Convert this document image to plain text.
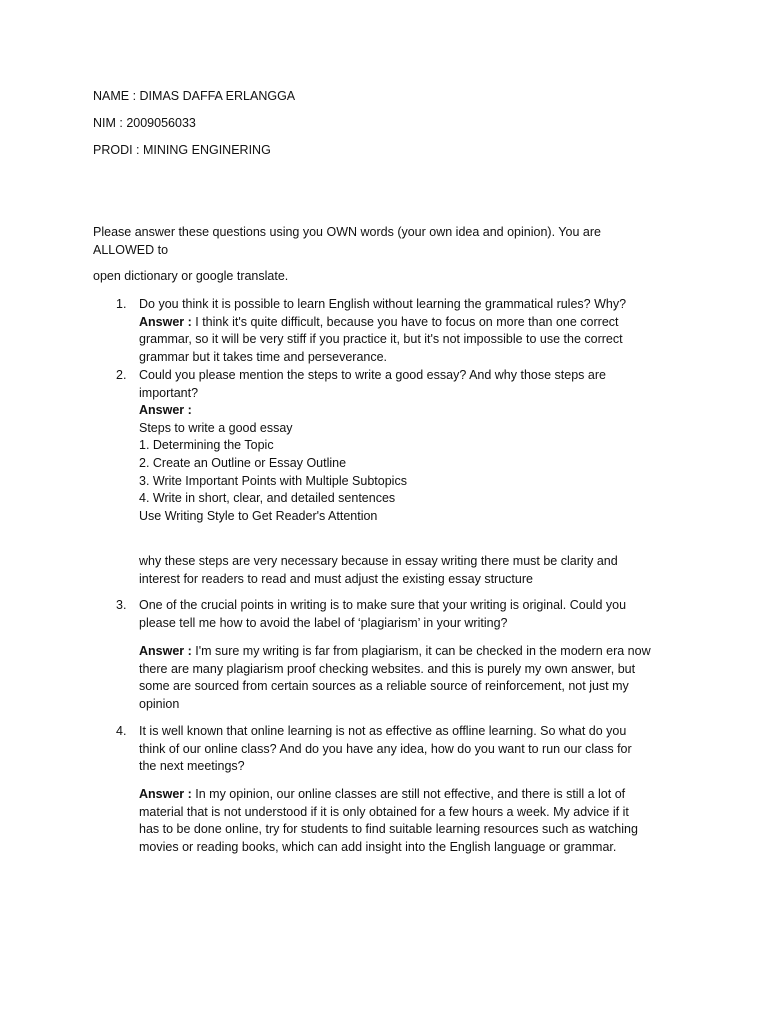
NAME : DIMAS DAFFA ERLANGGA
NIM : 2009056033
PRODI : MINING ENGINERING
Please answer these questions using you OWN words (your own idea and opinion). You are
ALLOWED to
open dictionary or google translate.
1.	Do you think it is possible to learn English without learning the grammatical rules? Why?
Answer : I think it's quite difficult, because you have to focus on more than one correct
grammar, so it will be very stiff if you practice it, but it's not impossible to use the correct
grammar but it takes time and perseverance.
2.	Could you please mention the steps to write a good essay? And why those steps are
important?
Answer :
Steps to write a good essay
1. Determining the Topic
2. Create an Outline or Essay Outline
3. Write Important Points with Multiple Subtopics
4. Write in short, clear, and detailed sentences
Use Writing Style to Get Reader's Attention
why these steps are very necessary because in essay writing there must be clarity and
interest for readers to read and must adjust the existing essay structure
3.	One of the crucial points in writing is to make sure that your writing is original. Could you
please tell me how to avoid the label of ‘plagiarism’ in your writing?
Answer : I'm sure my writing is far from plagiarism, it can be checked in the modern era now
there are many plagiarism proof checking websites. and this is purely my own answer, but
some are sourced from certain sources as a reliable source of reinforcement, not just my
opinion
4.	It is well known that online learning is not as effective as offline learning. So what do you
think of our online class? And do you have any idea, how do you want to run our class for
the next meetings?
Answer : In my opinion, our online classes are still not effective, and there is still a lot of
material that is not understood if it is only obtained for a few hours a week. My advice if it
has to be done online, try for students to find suitable learning resources such as watching
movies or reading books, which can add insight into the English language or grammar.
